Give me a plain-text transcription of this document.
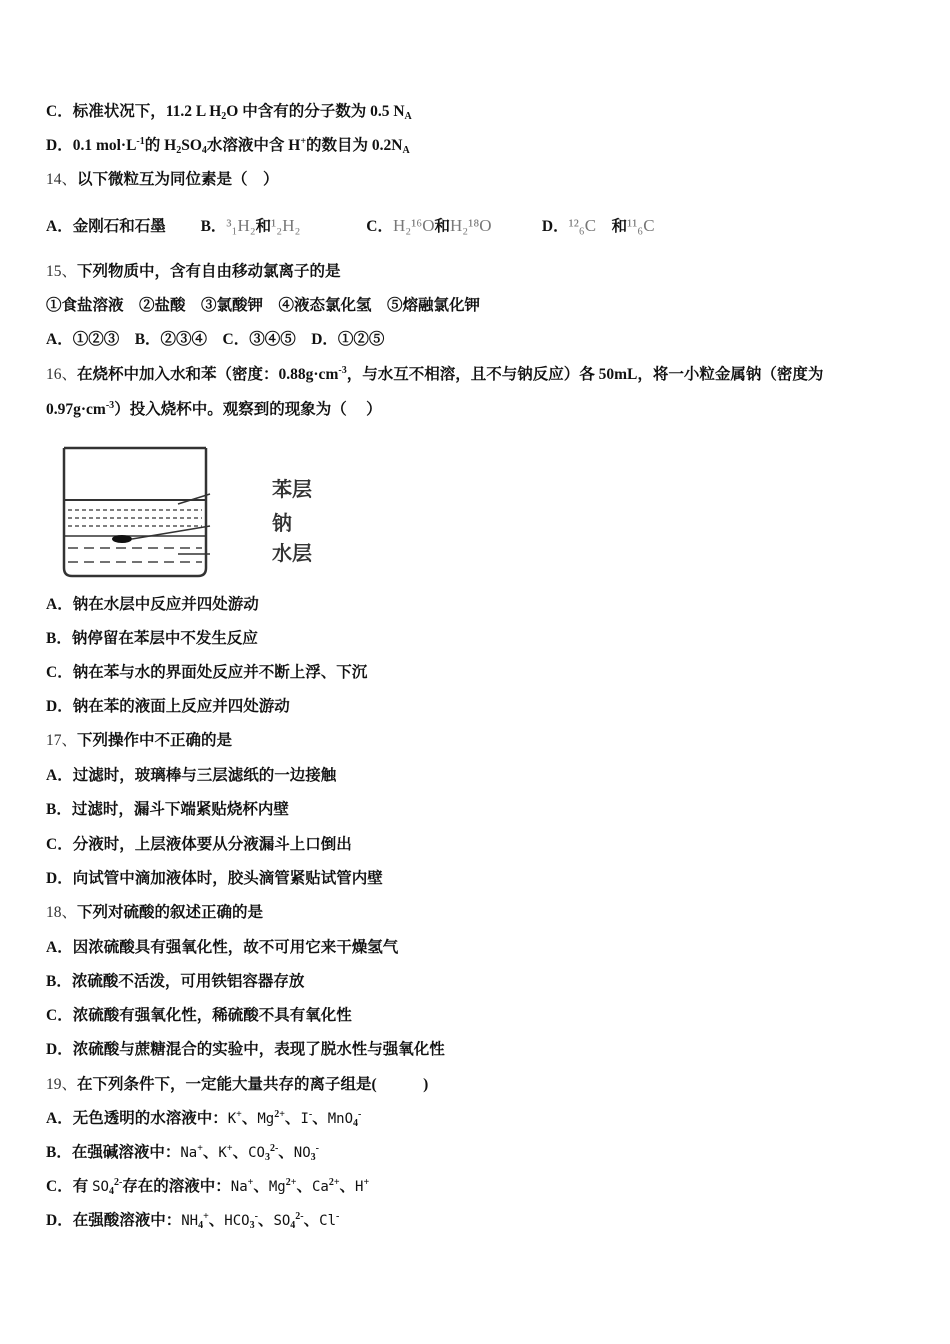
C．标准状况下，11.2 L $H_2O$ 中含有的分子数为 0.5 $N_A$
D．0.1 $mol\cdot L^{-1}$的 $H_2SO_4$水溶液中含 H+的数目为 $0.2N_A$
14、以下微粒互为同位素是（　）
A．金刚石和石墨　　 B．³₁H₂和¹₂H₂　　　　 C．H₂¹⁶O和H₂¹⁸O　　　 D．¹²₆C　和¹¹₆C
15、下列物质中，含有自由移动氯离子的是
①食盐溶液　②盐酸　③氯酸钾　④液态氯化氢　⑤熔融氯化钾
A．①②③　B．②③④　C．③④⑤　D．①②⑤
16、在烧杯中加入水和苯（密度：$0.88g\cdot cm^{-3}$，与水互不相溶，且不与钠反应）各 50mL，将一小粒金属钠（密度为
$0.97g\cdot cm^{-3}$）投入烧杯中。观察到的现象为（　 ）
A．钠在水层中反应并四处游动
B．钠停留在苯层中不发生反应
C．钠在苯与水的界面处反应并不断上浮、下沉
D．钠在苯的液面上反应并四处游动
17、下列操作中不正确的是
A．过滤时，玻璃棒与三层滤纸的一边接触
B．过滤时，漏斗下端紧贴烧杯内壁
C．分液时，上层液体要从分液漏斗上口倒出
D．向试管中滴加液体时，胶头滴管紧贴试管内壁
18、下列对硫酸的叙述正确的是
A．因浓硫酸具有强氧化性，故不可用它来干燥氢气
B．浓硫酸不活泼，可用铁铝容器存放
C．浓硫酸有强氧化性，稀硫酸不具有氧化性
D．浓硫酸与蔗糖混合的实验中，表现了脱水性与强氧化性
19、在下列条件下，一定能大量共存的离子组是(　　　)
A．无色透明的水溶液中：K+、$Mg^{2+}$、I-、MnO$_4$-
B．在强碱溶液中：Na+、K+、$CO_3^{2-}$、$NO_3^-$
C．有 $SO_4^{2-}$存在的溶液中：Na+、$Mg^{2+}$、$Ca^{2+}$、H+
D．在强酸溶液中：$NH_4^+$、$HCO_3^-$、$SO_4^{2-}$、Cl-
苯层
钠
水层
